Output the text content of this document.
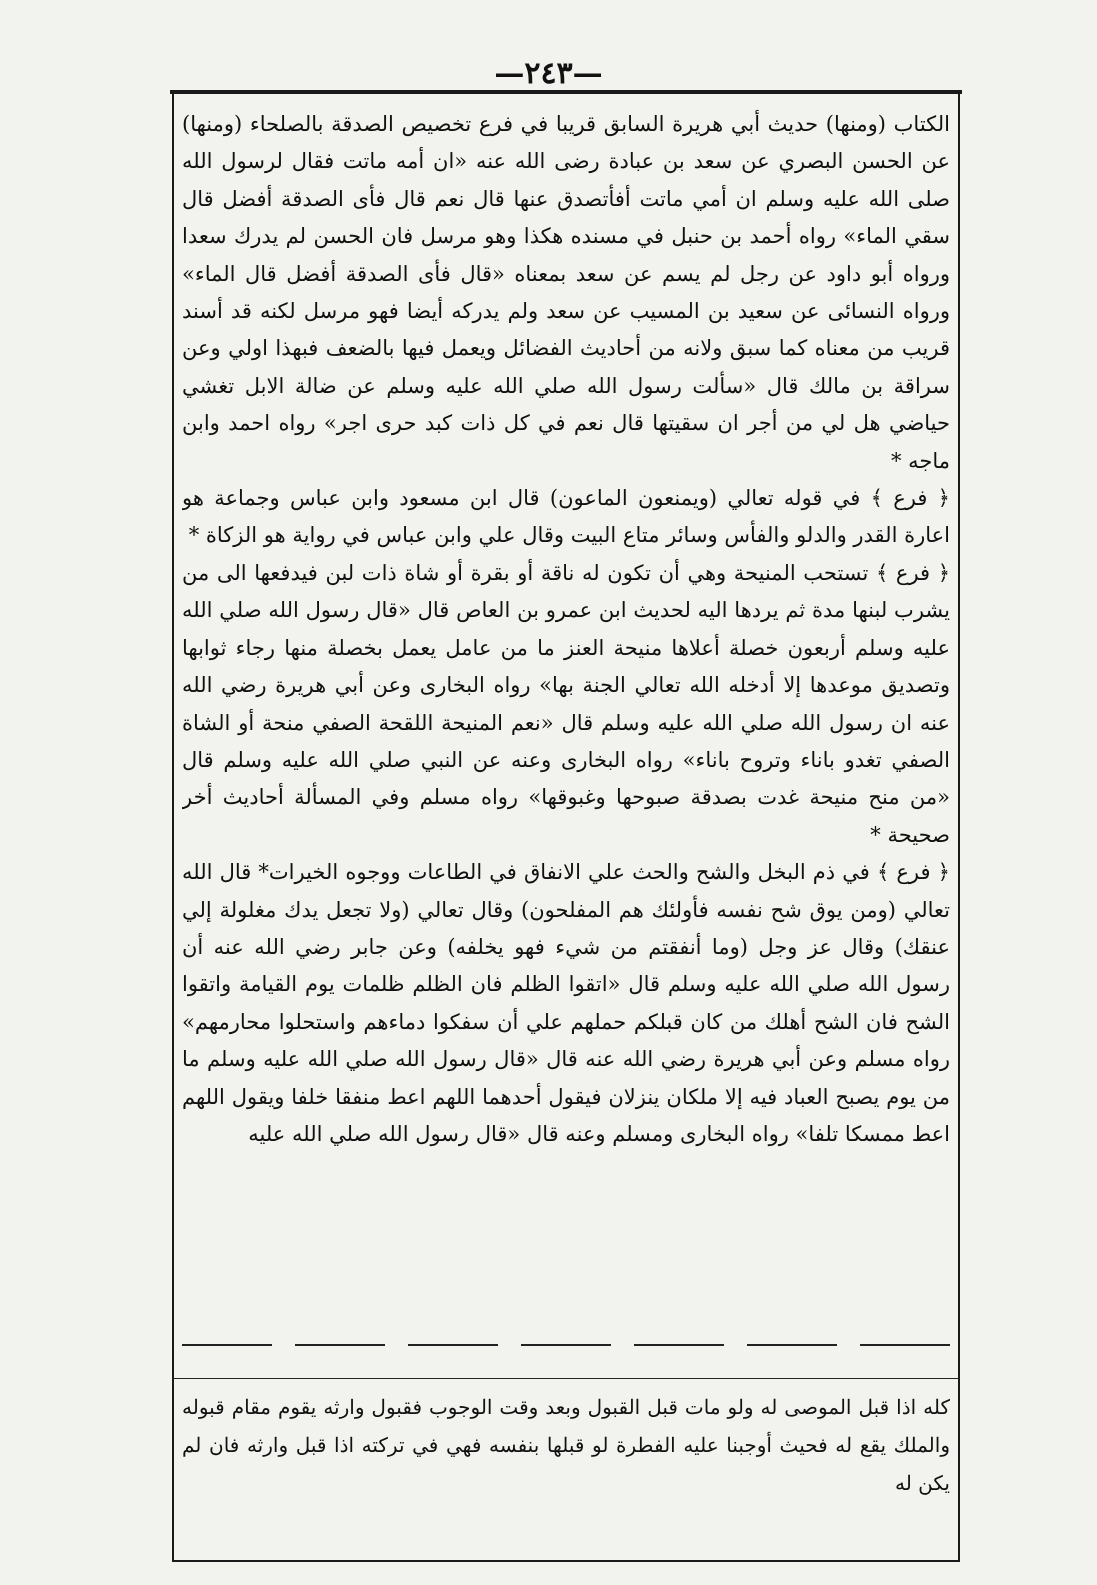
—٢٤٣—

الكتاب (ومنها) حديث أبي هريرة السابق قريبا في فرع تخصيص الصدقة بالصلحاء (ومنها) عن الحسن البصري عن سعد بن عبادة رضى الله عنه «ان أمه ماتت فقال لرسول الله صلى الله عليه وسلم ان أمي ماتت أفأتصدق عنها قال نعم قال فأى الصدقة أفضل قال سقي الماء» رواه أحمد بن حنبل في مسنده هكذا وهو مرسل فان الحسن لم يدرك سعدا ورواه أبو داود عن رجل لم يسم عن سعد بمعناه «قال فأى الصدقة أفضل قال الماء» ورواه النسائى عن سعيد بن المسيب عن سعد ولم يدركه أيضا فهو مرسل لكنه قد أسند قريب من معناه كما سبق ولانه من أحاديث الفضائل ويعمل فيها بالضعف فبهذا اولي وعن سراقة بن مالك قال «سألت رسول الله صلي الله عليه وسلم عن ضالة الابل تغشي حياضي هل لي من أجر ان سقيتها قال نعم في كل ذات كبد حرى اجر» رواه احمد وابن ماجه *

﴿ فرع ﴾ في قوله تعالي (ويمنعون الماعون) قال ابن مسعود وابن عباس وجماعة هو اعارة القدر والدلو والفأس وسائر متاع البيت وقال علي وابن عباس في رواية هو الزكاة *

﴿ فرع ﴾ تستحب المنيحة وهي أن تكون له ناقة أو بقرة أو شاة ذات لبن فيدفعها الى من يشرب لبنها مدة ثم يردها اليه لحديث ابن عمرو بن العاص قال «قال رسول الله صلي الله عليه وسلم أربعون خصلة أعلاها منيحة العنز ما من عامل يعمل بخصلة منها رجاء ثوابها وتصديق موعدها إلا أدخله الله تعالي الجنة بها» رواه البخارى وعن أبي هريرة رضي الله عنه ان رسول الله صلي الله عليه وسلم قال «نعم المنيحة اللقحة الصفي منحة أو الشاة الصفي تغدو باناء وتروح باناء» رواه البخارى وعنه عن النبي صلي الله عليه وسلم قال «من منح منيحة غدت بصدقة صبوحها وغبوقها» رواه مسلم وفي المسألة أحاديث أخر صحيحة *

﴿ فرع ﴾ في ذم البخل والشح والحث علي الانفاق في الطاعات ووجوه الخيرات* قال الله تعالي (ومن يوق شح نفسه فأولئك هم المفلحون) وقال تعالي (ولا تجعل يدك مغلولة إلي عنقك) وقال عز وجل (وما أنفقتم من شيء فهو يخلفه) وعن جابر رضي الله عنه أن رسول الله صلي الله عليه وسلم قال «اتقوا الظلم فان الظلم ظلمات يوم القيامة واتقوا الشح فان الشح أهلك من كان قبلكم حملهم علي أن سفكوا دماءهم واستحلوا محارمهم» رواه مسلم وعن أبي هريرة رضي الله عنه قال «قال رسول الله صلي الله عليه وسلم ما من يوم يصبح العباد فيه إلا ملكان ينزلان فيقول أحدهما اللهم اعط منفقا خلفا ويقول اللهم اعط ممسكا تلفا» رواه البخارى ومسلم وعنه قال «قال رسول الله صلي الله عليه

كله اذا قبل الموصى له ولو مات قبل القبول وبعد وقت الوجوب فقبول وارثه يقوم مقام قبوله والملك يقع له فحيث أوجبنا عليه الفطرة لو قبلها بنفسه فهي في تركته اذا قبل وارثه فان لم يكن له
